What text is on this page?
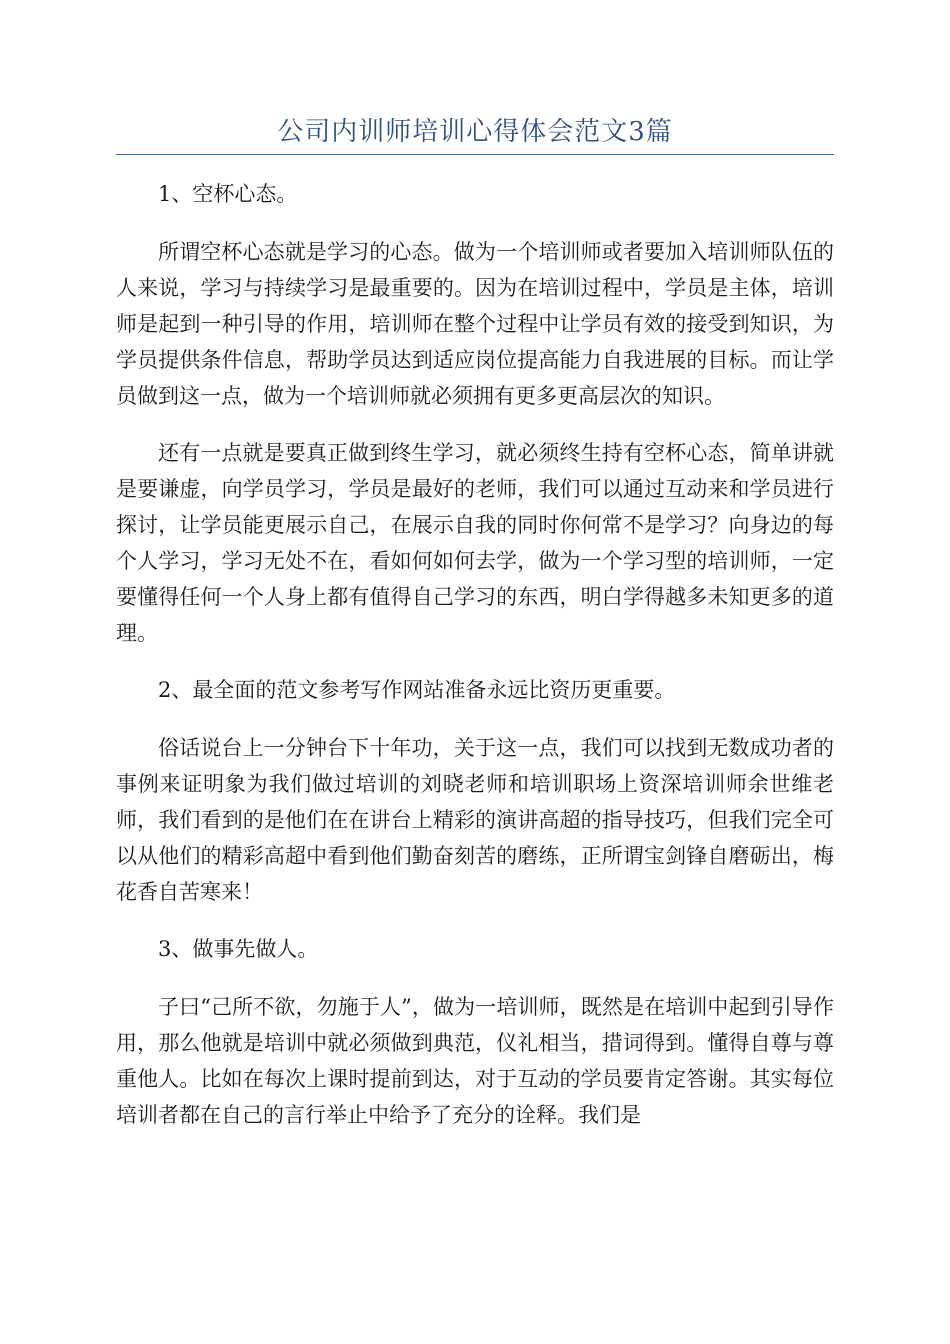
公司内训师培训心得体会范文3篇

1、空杯心态。

所谓空杯心态就是学习的心态。做为一个培训师或者要加入培训师队伍的人来说，学习与持续学习是最重要的。因为在培训过程中，学员是主体，培训师是起到一种引导的作用，培训师在整个过程中让学员有效的接受到知识，为学员提供条件信息，帮助学员达到适应岗位提高能力自我进展的目标。而让学员做到这一点，做为一个培训师就必须拥有更多更高层次的知识。

还有一点就是要真正做到终生学习，就必须终生持有空杯心态，简单讲就是要谦虚，向学员学习，学员是最好的老师，我们可以通过互动来和学员进行探讨，让学员能更展示自己，在展示自我的同时你何常不是学习？向身边的每个人学习，学习无处不在，看如何如何去学，做为一个学习型的培训师，一定要懂得任何一个人身上都有值得自己学习的东西，明白学得越多未知更多的道理。

2、最全面的范文参考写作网站准备永远比资历更重要。

俗话说台上一分钟台下十年功，关于这一点，我们可以找到无数成功者的事例来证明象为我们做过培训的刘晓老师和培训职场上资深培训师余世维老师，我们看到的是他们在在讲台上精彩的演讲高超的指导技巧，但我们完全可以从他们的精彩高超中看到他们勤奋刻苦的磨练，正所谓宝剑锋自磨砺出，梅花香自苦寒来！

3、做事先做人。

子曰“己所不欲，勿施于人”，做为一培训师，既然是在培训中起到引导作用，那么他就是培训中就必须做到典范，仪礼相当，措词得到。懂得自尊与尊重他人。比如在每次上课时提前到达，对于互动的学员要肯定答谢。其实每位培训者都在自己的言行举止中给予了充分的诠释。我们是
